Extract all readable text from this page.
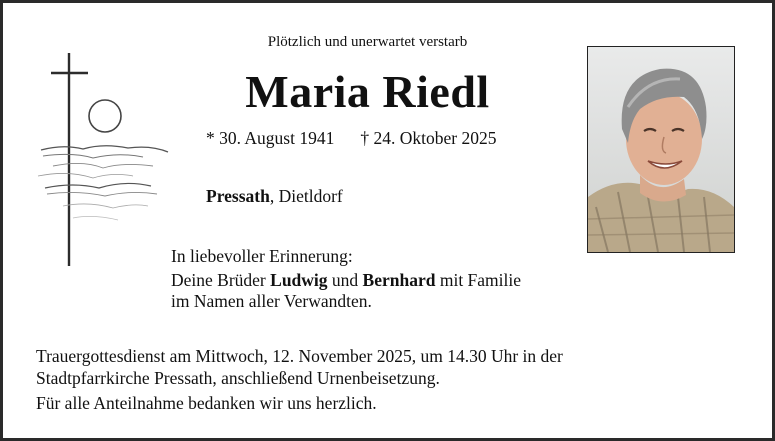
Plötzlich und unerwartet verstarb
Maria Riedl
* 30. August 1941 † 24. Oktober 2025
Pressath, Dietldorf
In liebevoller Erinnerung:
Deine Brüder Ludwig und Bernhard mit Familie
im Namen aller Verwandten.
Trauergottesdienst am Mittwoch, 12. November 2025, um 14.30 Uhr in der
Stadtpfarrkirche Pressath, anschließend Urnenbeisetzung.
Für alle Anteilnahme bedanken wir uns herzlich.
